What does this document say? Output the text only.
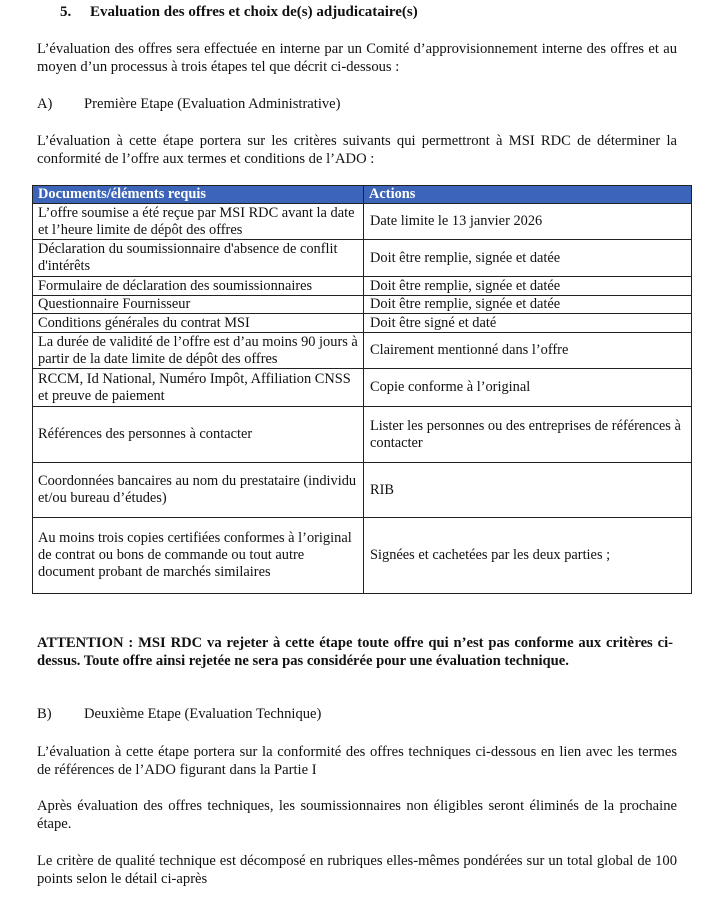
5. Evaluation des offres et choix de(s) adjudicataire(s)

L’évaluation des offres sera effectuée en interne par un Comité d’approvisionnement interne des offres et au moyen d’un processus à trois étapes tel que décrit ci-dessous :

A) Première Etape (Evaluation Administrative)

L’évaluation à cette étape portera sur les critères suivants qui permettront à MSI RDC de déterminer la conformité de l’offre aux termes et conditions de l’ADO :

Documents/éléments requis	Actions
L’offre soumise a été reçue par MSI RDC avant la date et l’heure limite de dépôt des offres	Date limite le 13 janvier 2026
Déclaration du soumissionnaire d'absence de conflit d'intérêts	Doit être remplie, signée et datée
Formulaire de déclaration des soumissionnaires	Doit être remplie, signée et datée
Questionnaire Fournisseur	Doit être remplie, signée et datée
Conditions générales du contrat MSI	Doit être signé et daté
La durée de validité de l’offre est d’au moins 90 jours à partir de la date limite de dépôt des offres	Clairement mentionné dans l’offre
RCCM, Id National, Numéro Impôt, Affiliation CNSS et preuve de paiement	Copie conforme à l’original
Références des personnes à contacter	Lister les personnes ou des entreprises de références à contacter
Coordonnées bancaires au nom du prestataire (individu et/ou bureau d’études)	RIB
Au moins trois copies certifiées conformes à l’original de contrat ou bons de commande ou tout autre document probant de marchés similaires	Signées et cachetées par les deux parties ;

ATTENTION : MSI RDC va rejeter à cette étape toute offre qui n’est pas conforme aux critères ci-dessus. Toute offre ainsi rejetée ne sera pas considérée pour une évaluation technique.

B) Deuxième Etape (Evaluation Technique)

L’évaluation à cette étape portera sur la conformité des offres techniques ci-dessous en lien avec les termes de références de l’ADO figurant dans la Partie I

Après évaluation des offres techniques, les soumissionnaires non éligibles seront éliminés de la prochaine étape.

Le critère de qualité technique est décomposé en rubriques elles-mêmes pondérées sur un total global de 100 points selon le détail ci-après
